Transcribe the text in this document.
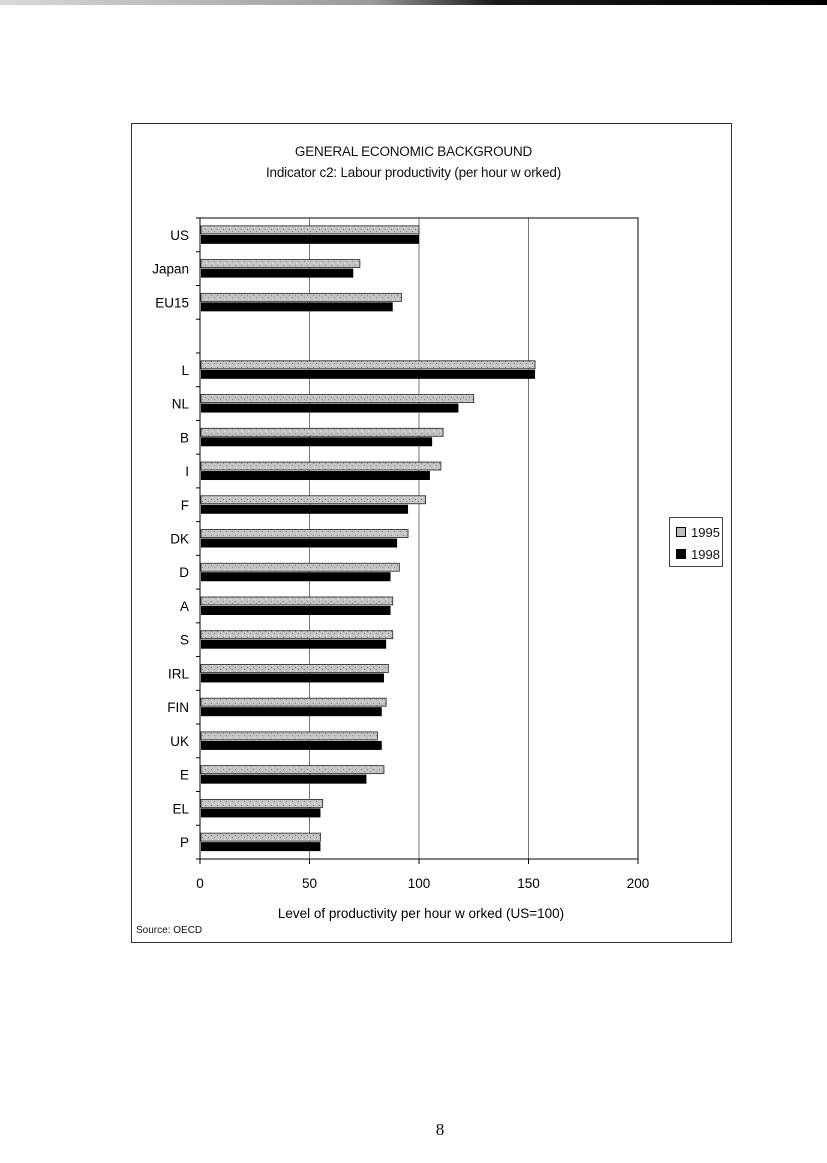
GENERAL ECONOMIC BACKGROUND
Indicator c2: Labour productivity (per hour w orked)
0	50	100	150	200
US
Japan
EU15
L
NL
B
I
F
DK
D
A
S
IRL
FIN
UK
E
EL
P
Level of productivity per hour w orked (US=100)
1995
1998
Source: OECD
8
